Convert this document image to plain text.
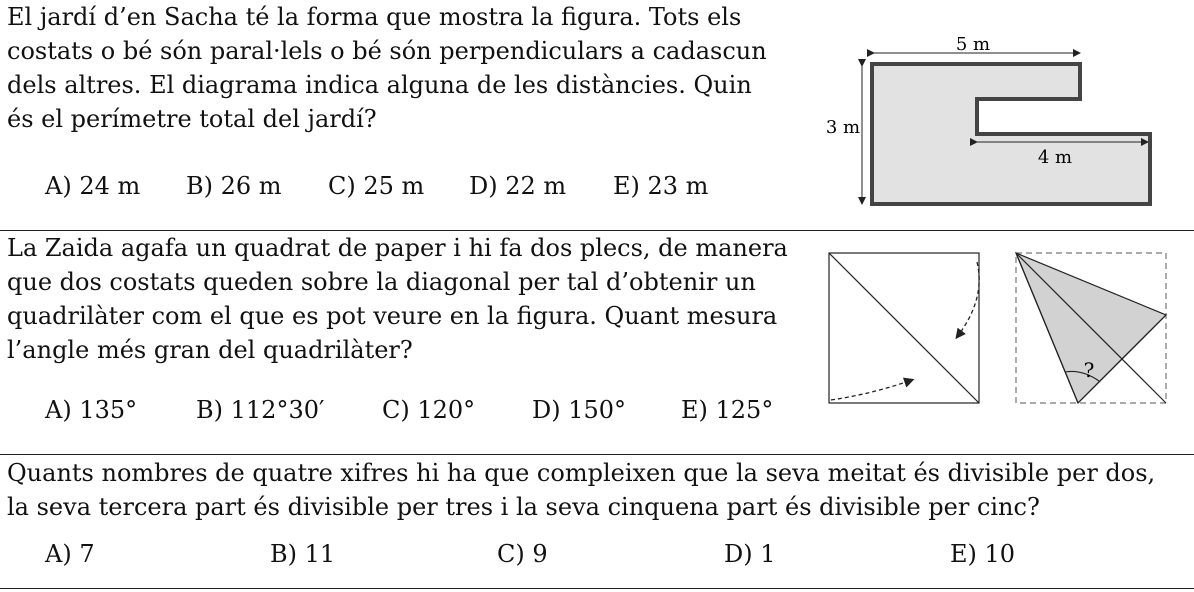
El jardí d’en Sacha té la forma que mostra la figura. Tots els
costats o bé són paral·lels o bé són perpendiculars a cadascun
dels altres. El diagrama indica alguna de les distàncies. Quin
és el perímetre total del jardí?
A) 24 m B) 26 m C) 25 m D) 22 m E) 23 m
5 m
3 m
4 m
La Zaida agafa un quadrat de paper i hi fa dos plecs, de manera
que dos costats queden sobre la diagonal per tal d’obtenir un
quadrilàter com el que es pot veure en la figura. Quant mesura
l’angle més gran del quadrilàter?
A) 135° B) 112°30′ C) 120° D) 150° E) 125°
?
Quants nombres de quatre xifres hi ha que compleixen que la seva meitat és divisible per dos,
la seva tercera part és divisible per tres i la seva cinquena part és divisible per cinc?
A) 7	B) 11	C) 9	D) 1	E) 10
